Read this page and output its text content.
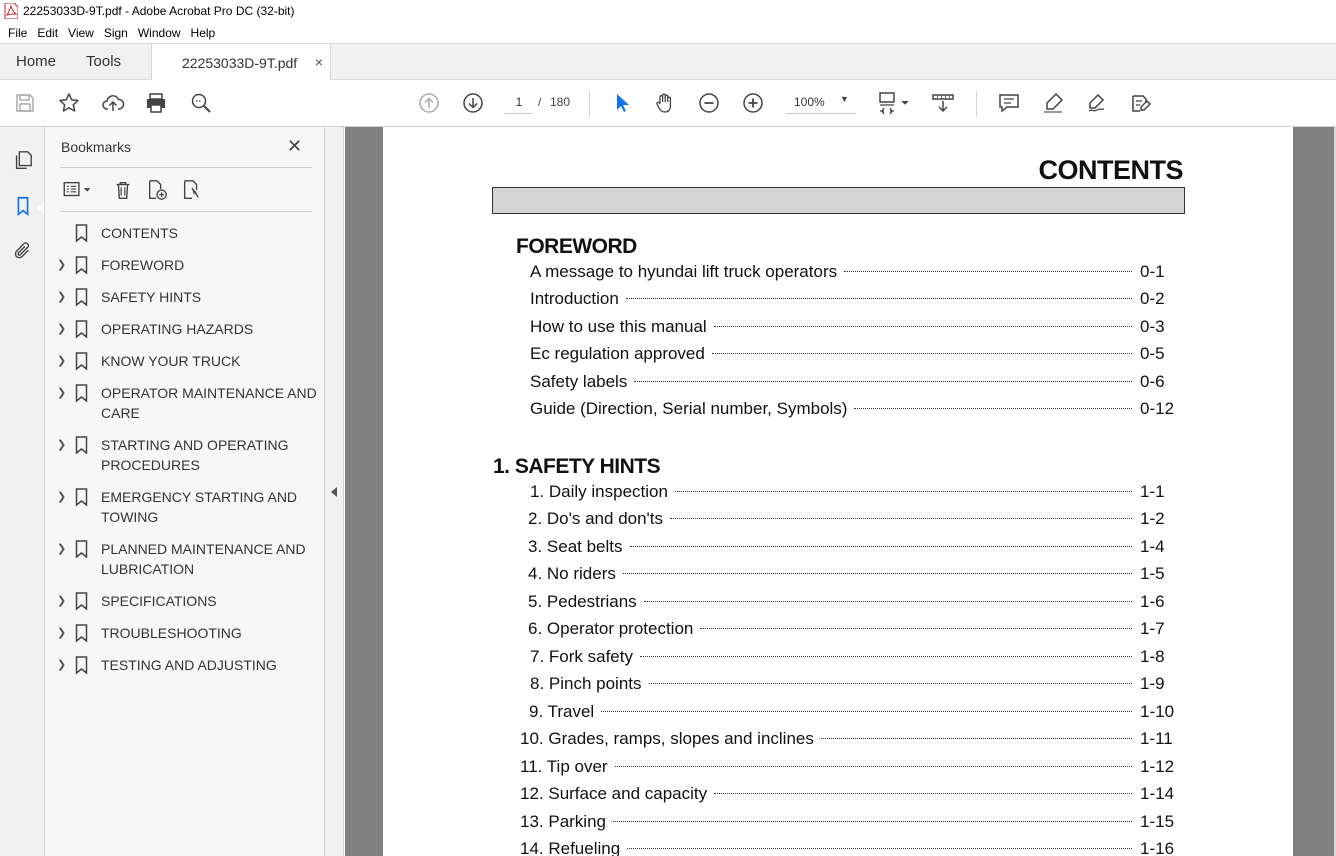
22253033D-9T.pdf - Adobe Acrobat Pro DC (32-bit)
File Edit View Sign Window Help
Home	Tools	22253033D-9T.pdf ×
1
/ 180	100% ▼
Bookmarks	✕
CONTENTS
❯ FOREWORD
❯ SAFETY HINTS
❯ OPERATING HAZARDS
❯ KNOW YOUR TRUCK
❯ OPERATOR MAINTENANCE AND CARE
❯ STARTING AND OPERATING PROCEDURES
❯ EMERGENCY STARTING AND TOWING
❯ PLANNED MAINTENANCE AND LUBRICATION
❯ SPECIFICATIONS
❯ TROUBLESHOOTING
❯ TESTING AND ADJUSTING
CONTENTS
FOREWORD
A message to hyundai lift truck operators	0-1
Introduction	0-2
How to use this manual	0-3
Ec regulation approved	0-5
Safety labels	0-6
Guide (Direction, Serial number, Symbols)	0-12
1. SAFETY HINTS
1. Daily inspection	1-1
2. Do's and don'ts	1-2
3. Seat belts	1-4
4. No riders	1-5
5. Pedestrians	1-6
6. Operator protection	1-7
7. Fork safety	1-8
8. Pinch points	1-9
9. Travel	1-10
10. Grades, ramps, slopes and inclines	1-11
11. Tip over	1-12
12. Surface and capacity	1-14
13. Parking	1-15
14. Refueling	1-16
